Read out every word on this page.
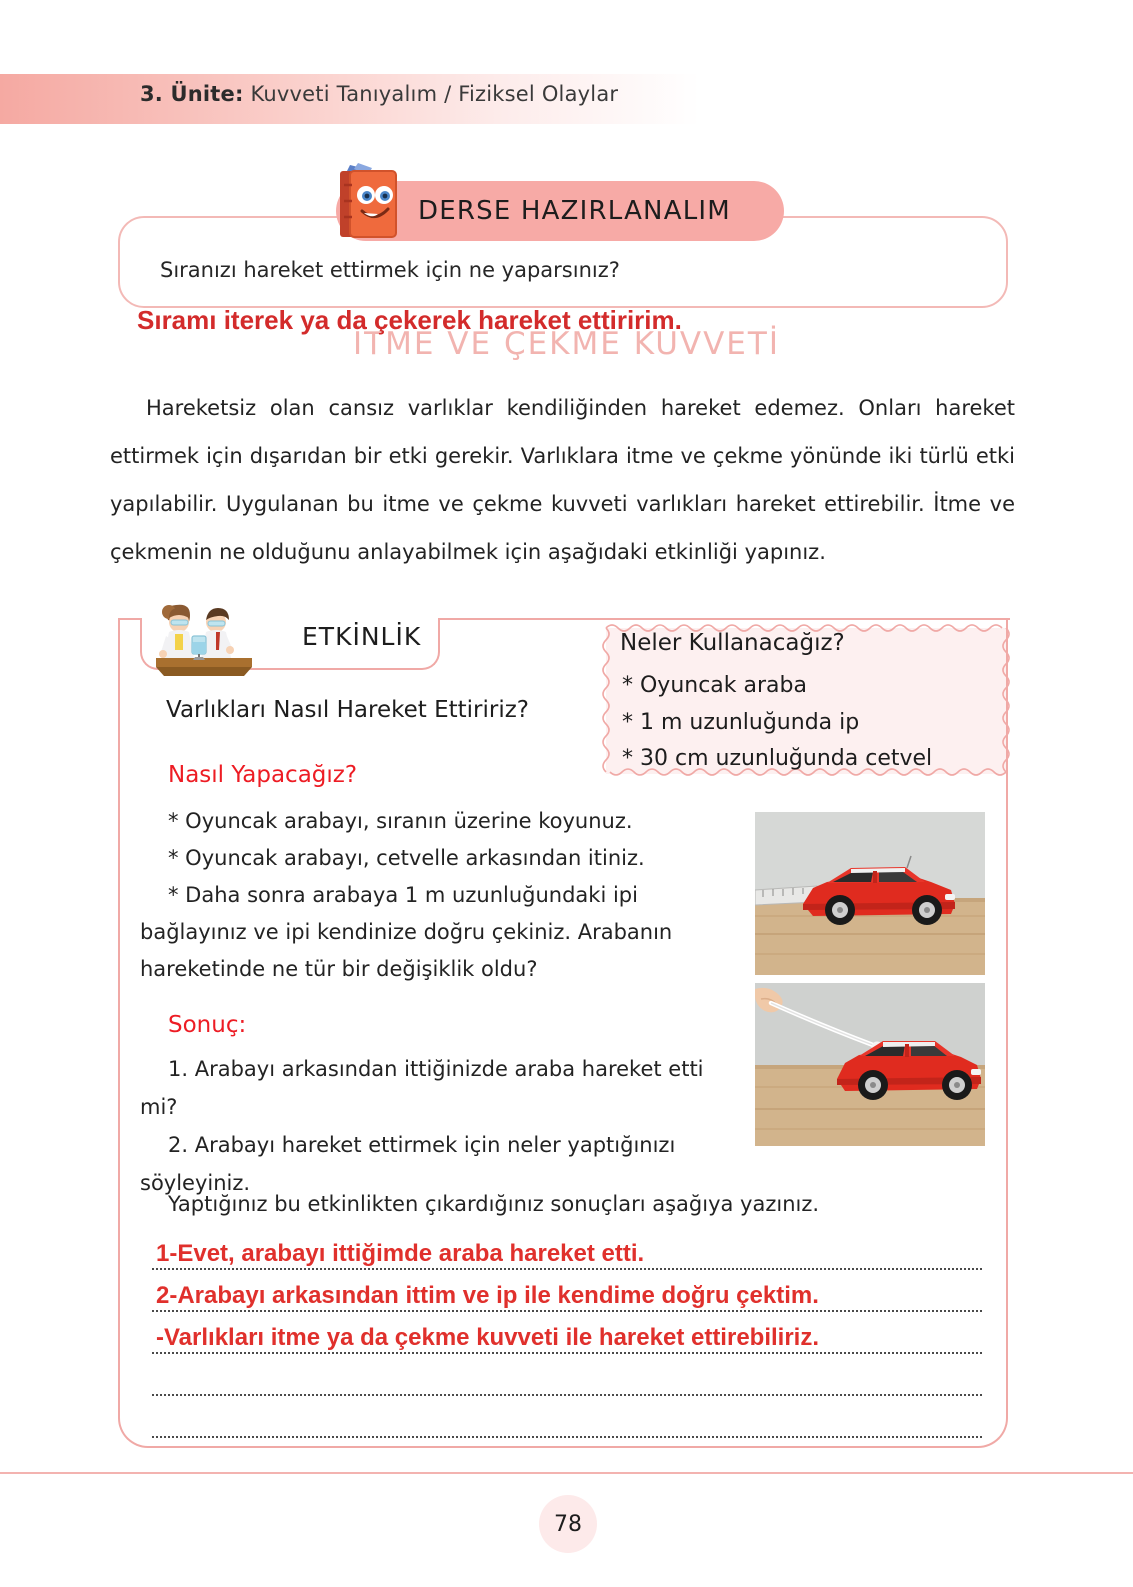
3. Ünite: Kuvveti Tanıyalım / Fiziksel Olaylar
DERSE HAZIRLANALIM
Sıranızı hareket ettirmek için ne yaparsınız?
İTME VE ÇEKME KUVVETİ
Sıramı iterek ya da çekerek hareket ettiririm.
Hareketsiz olan cansız varlıklar kendiliğinden hareket edemez. Onları hareket ettirmek için dışarıdan bir etki gerekir. Varlıklara itme ve çekme yönünde iki türlü etki yapılabilir. Uygulanan bu itme ve çekme kuvveti varlıkları hareket ettirebilir. İtme ve çekmenin ne olduğunu anlayabilmek için aşağıdaki etkinliği yapınız.
ETKİNLİK
Varlıkları Nasıl Hareket Ettiririz?
Neler Kullanacağız?
* Oyuncak araba
* 1 m uzunluğunda ip
* 30 cm uzunluğunda cetvel
Nasıl Yapacağız?
* Oyuncak arabayı, sıranın üzerine koyunuz.
* Oyuncak arabayı, cetvelle arkasından itiniz.
* Daha sonra arabaya 1 m uzunluğundaki ipi bağlayınız ve ipi kendinize doğru çekiniz. Arabanın hareketinde ne tür bir değişiklik oldu?
Sonuç:
1. Arabayı arkasından ittiğinizde araba hareket etti mi?
2. Arabayı hareket ettirmek için neler yaptığınızı söyleyiniz.
Yaptığınız bu etkinlikten çıkardığınız sonuçları aşağıya yazınız.
1-Evet, arabayı ittiğimde araba hareket etti.
2-Arabayı arkasından ittim ve ip ile kendime doğru çektim.
-Varlıkları itme ya da çekme kuvveti ile hareket ettirebiliriz.
78
